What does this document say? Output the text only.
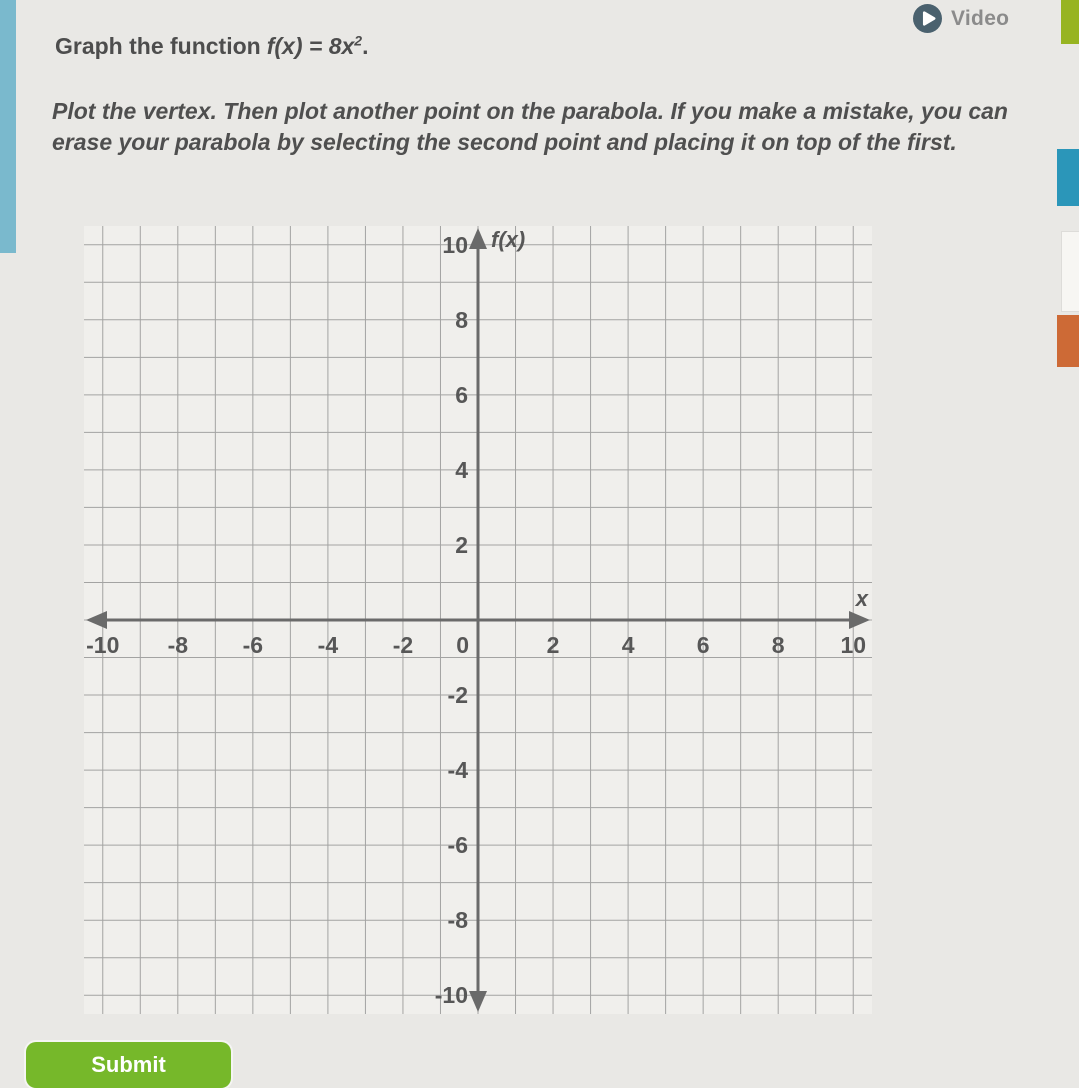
Video
Graph the function $f(x) = 8x^2$.
Plot the vertex. Then plot another point on the parabola. If you make a mistake, you can erase your parabola by selecting the second point and placing it on top of the first.
-10 -8 -6 -4 -2 0	2	4	6	8 10
10
8
6
4
2
-2
-4
-6
-8
-10
f(x)
x
Submit
